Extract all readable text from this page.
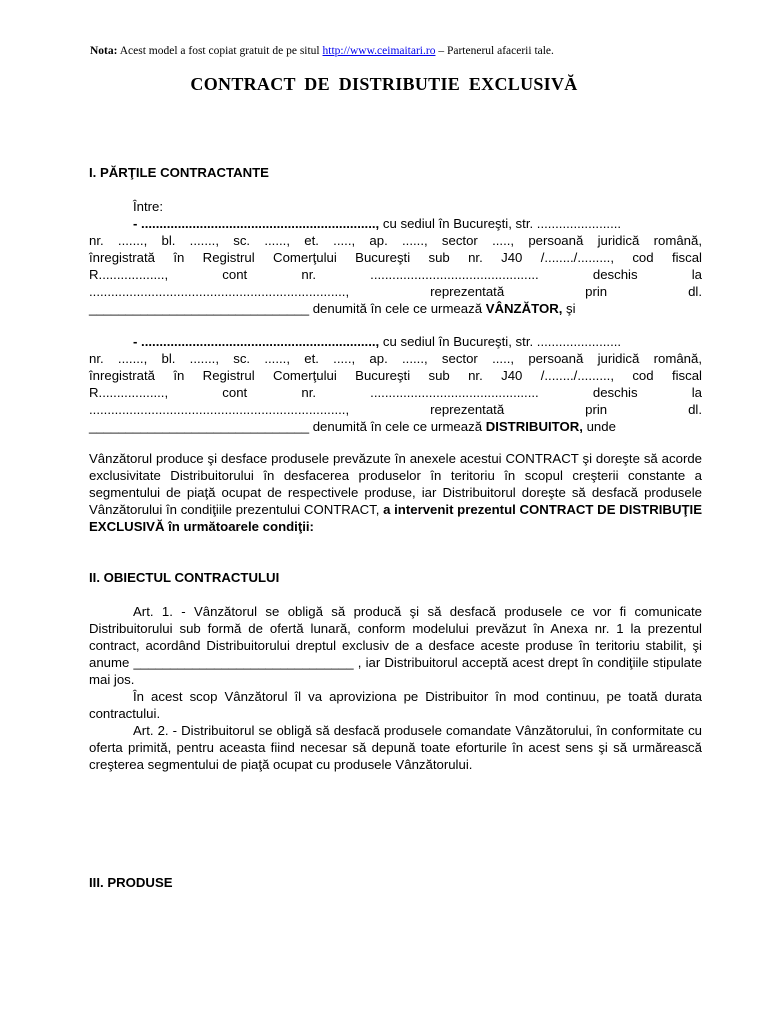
Nota: Acest model a fost copiat gratuit de pe situl http://www.ceimaitari.ro – Partenerul afacerii tale.
CONTRACT DE DISTRIBUTIE EXCLUSIVĂ
I. PĂRŢILE CONTRACTANTE
Între:
- ................................................................, cu sediul în Bucureşti, str. .......................
nr. ......., bl. ......., sc. ......, et. ....., ap. ......, sector ....., persoană juridică română,
înregistrată în Registrul Comerţului Bucureşti sub nr. J40 /......../........., cod fiscal
R.................., cont nr. .............................................. deschis la
......................................................................, reprezentată prin dl.
______________________________ denumită în cele ce urmează VÂNZĂTOR, şi
- ................................................................, cu sediul în Bucureşti, str. .......................
nr. ......., bl. ......., sc. ......, et. ....., ap. ......, sector ....., persoană juridică română,
înregistrată în Registrul Comerţului Bucureşti sub nr. J40 /......../........., cod fiscal
R.................., cont nr. .............................................. deschis la
......................................................................, reprezentată prin dl.
______________________________ denumită în cele ce urmează DISTRIBUITOR, unde
Vânzătorul produce şi desface produsele prevăzute în anexele acestui CONTRACT şi doreşte să acorde exclusivitate Distribuitorului în desfacerea produselor în teritoriu în scopul creşterii constante a segmentului de piaţă ocupat de respectivele produse, iar Distribuitorul doreşte să desfacă produsele Vânzătorului în condiţiile prezentului CONTRACT, a intervenit prezentul CONTRACT DE DISTRIBUŢIE EXCLUSIVĂ în următoarele condiţii:
II. OBIECTUL CONTRACTULUI
Art. 1. - Vânzătorul se obligă să producă şi să desfacă produsele ce vor fi comunicate Distribuitorului sub formă de ofertă lunară, conform modelului prevăzut în Anexa nr. 1 la prezentul contract, acordând Distribuitorului dreptul exclusiv de a desface aceste produse în teritoriu stabilit, şi anume ______________________________ , iar Distribuitorul acceptă acest drept în condiţiile stipulate mai jos.
În acest scop Vânzătorul îl va aproviziona pe Distribuitor în mod continuu, pe toată durata contractului.
Art. 2. - Distribuitorul se obligă să desfacă produsele comandate Vânzătorului, în conformitate cu oferta primită, pentru aceasta fiind necesar să depună toate eforturile în acest sens şi să urmărească creşterea segmentului de piaţă ocupat cu produsele Vânzătorului.
III. PRODUSE
